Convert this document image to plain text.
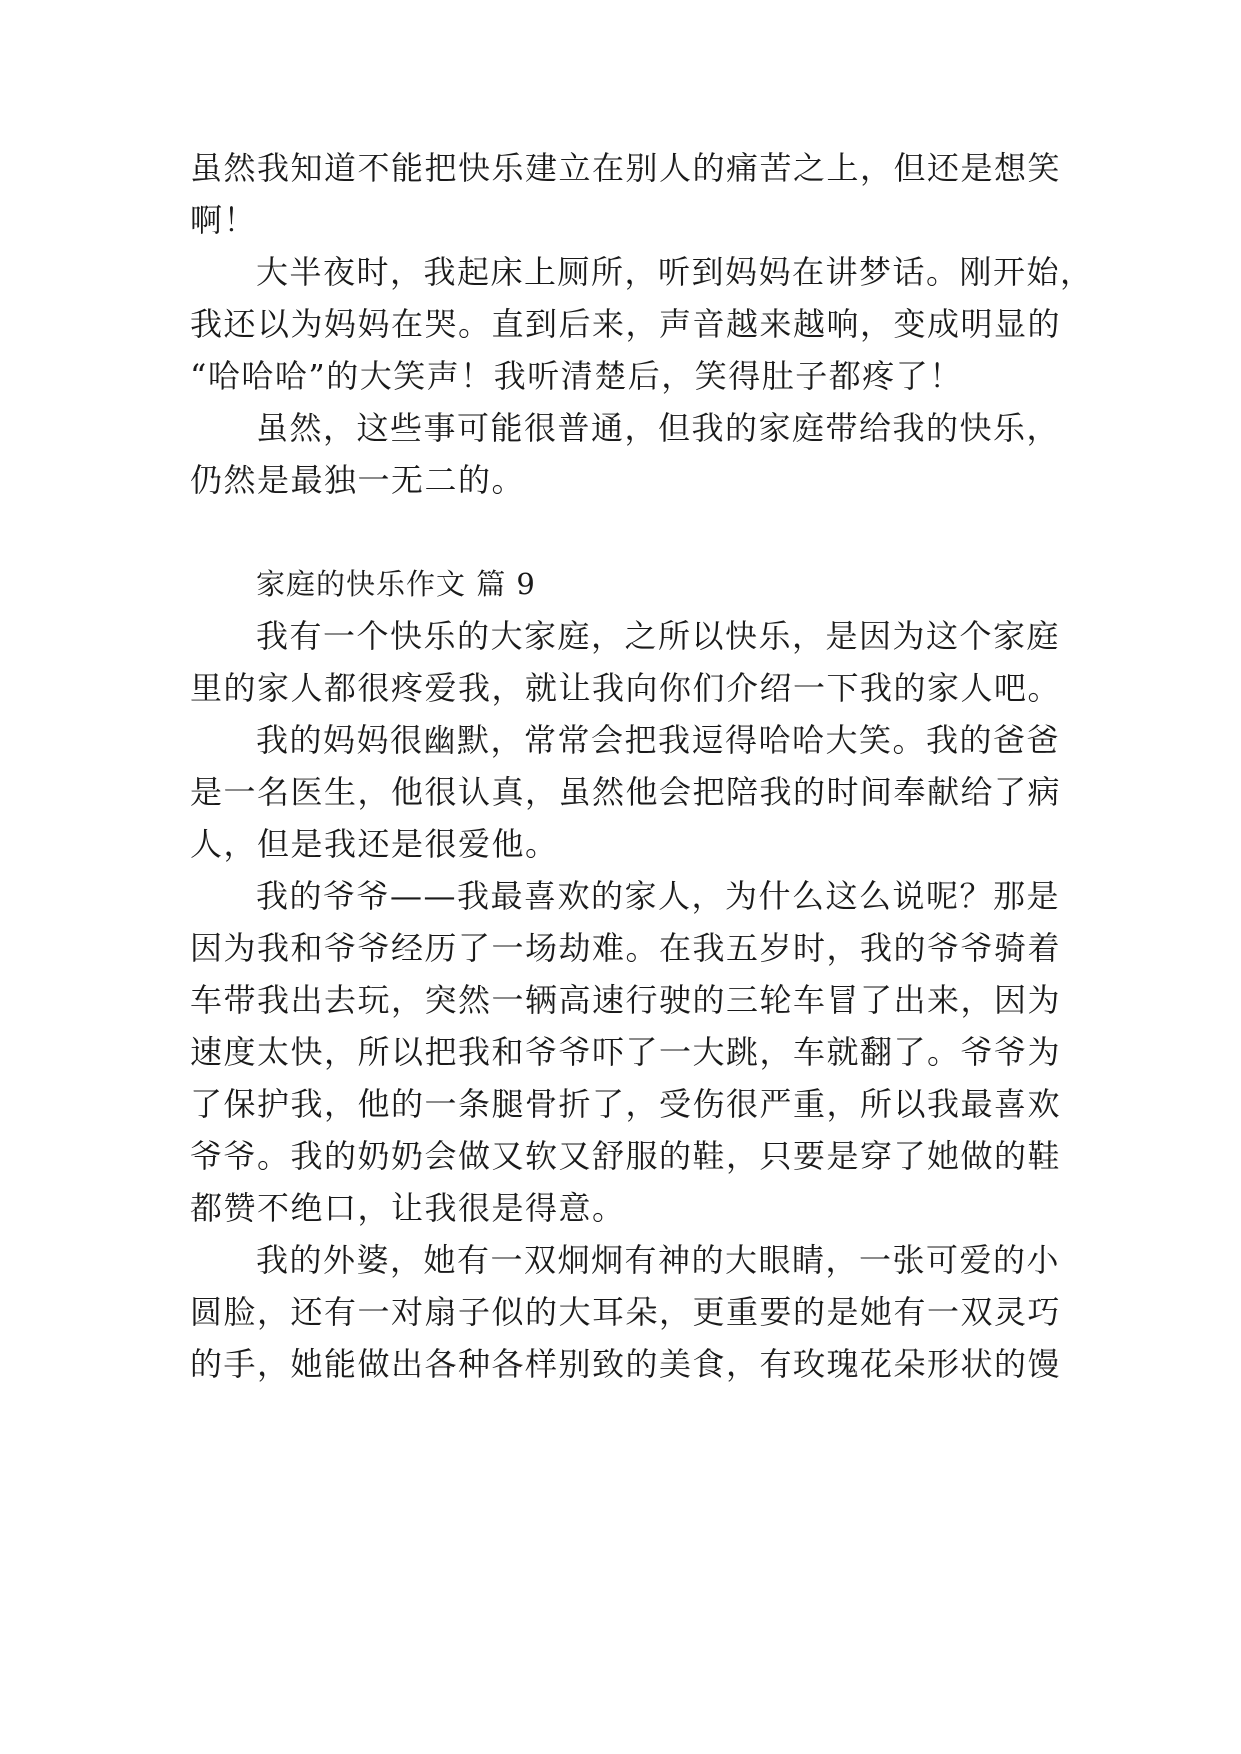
虽然我知道不能把快乐建立在别人的痛苦之上，但还是想笑
啊！
大半夜时，我起床上厕所，听到妈妈在讲梦话。刚开始，
我还以为妈妈在哭。直到后来，声音越来越响，变成明显的
“哈哈哈”的大笑声！我听清楚后，笑得肚子都疼了！
虽然，这些事可能很普通，但我的家庭带给我的快乐，
仍然是最独一无二的。
家庭的快乐作文 篇 9
我有一个快乐的大家庭，之所以快乐，是因为这个家庭
里的家人都很疼爱我，就让我向你们介绍一下我的家人吧。
我的妈妈很幽默，常常会把我逗得哈哈大笑。我的爸爸
是一名医生，他很认真，虽然他会把陪我的时间奉献给了病
人，但是我还是很爱他。
我的爷爷——我最喜欢的家人，为什么这么说呢？那是
因为我和爷爷经历了一场劫难。在我五岁时，我的爷爷骑着
车带我出去玩，突然一辆高速行驶的三轮车冒了出来，因为
速度太快，所以把我和爷爷吓了一大跳，车就翻了。爷爷为
了保护我，他的一条腿骨折了，受伤很严重，所以我最喜欢
爷爷。我的奶奶会做又软又舒服的鞋，只要是穿了她做的鞋
都赞不绝口，让我很是得意。
我的外婆，她有一双炯炯有神的大眼睛，一张可爱的小
圆脸，还有一对扇子似的大耳朵，更重要的是她有一双灵巧
的手，她能做出各种各样别致的美食，有玫瑰花朵形状的馒
